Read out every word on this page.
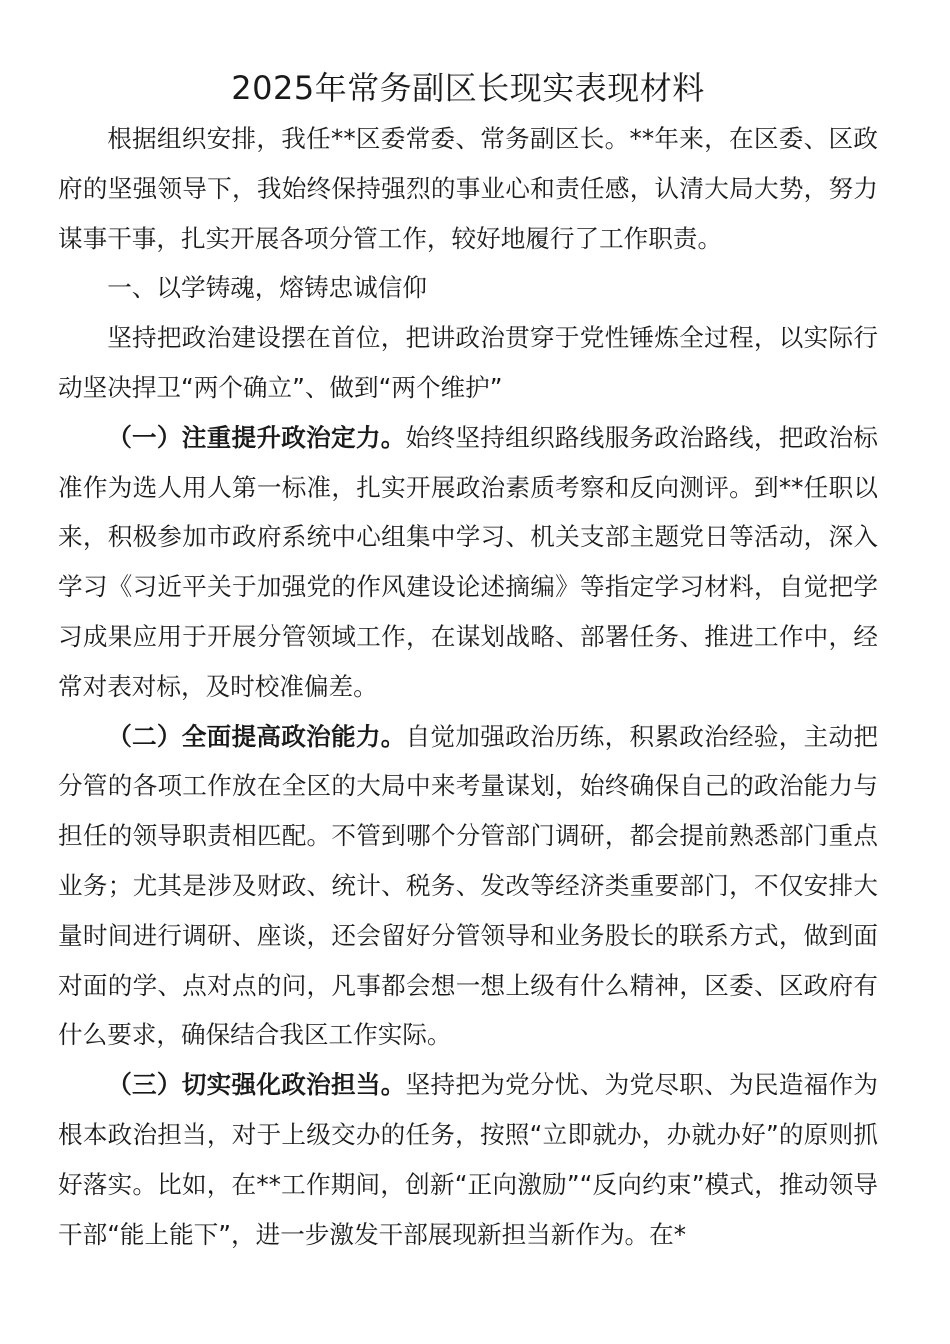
2025年常务副区长现实表现材料

根据组织安排，我任**区委常委、常务副区长。**年来，在区委、区政府的坚强领导下，我始终保持强烈的事业心和责任感，认清大局大势，努力谋事干事，扎实开展各项分管工作，较好地履行了工作职责。

一、以学铸魂，熔铸忠诚信仰

坚持把政治建设摆在首位，把讲政治贯穿于党性锤炼全过程，以实际行动坚决捍卫“两个确立”、做到“两个维护”

（一）注重提升政治定力。始终坚持组织路线服务政治路线，把政治标准作为选人用人第一标准，扎实开展政治素质考察和反向测评。到**任职以来，积极参加市政府系统中心组集中学习、机关支部主题党日等活动，深入学习《习近平关于加强党的作风建设论述摘编》等指定学习材料，自觉把学习成果应用于开展分管领域工作，在谋划战略、部署任务、推进工作中，经常对表对标，及时校准偏差。

（二）全面提高政治能力。自觉加强政治历练，积累政治经验，主动把分管的各项工作放在全区的大局中来考量谋划，始终确保自己的政治能力与担任的领导职责相匹配。不管到哪个分管部门调研，都会提前熟悉部门重点业务；尤其是涉及财政、统计、税务、发改等经济类重要部门，不仅安排大量时间进行调研、座谈，还会留好分管领导和业务股长的联系方式，做到面对面的学、点对点的问，凡事都会想一想上级有什么精神，区委、区政府有什么要求，确保结合我区工作实际。

（三）切实强化政治担当。坚持把为党分忧、为党尽职、为民造福作为根本政治担当，对于上级交办的任务，按照“立即就办，办就办好”的原则抓好落实。比如，在**工作期间，创新“正向激励”“反向约束”模式，推动领导干部“能上能下”，进一步激发干部展现新担当新作为。在*
